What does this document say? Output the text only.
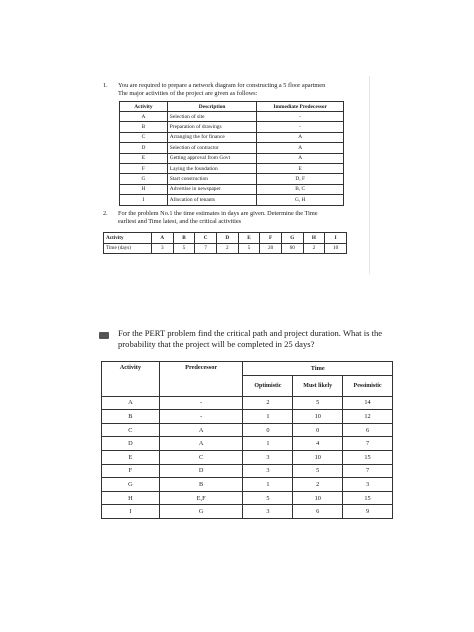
1. You are required to prepare a network diagram for constructing a 5 floor apartmen
The major activities of the project are given as follows:
Activity	Description	Immediate Predecessor
A	Selection of site	-
B	Preparation of drawings	-
C	Arranging the for finance	A
D	Selection of contractor	A
E	Getting approval from Govt	A
F	Laying the foundation	E
G	Start construction	D, F
H	Advertise in newspaper	B, C
I	Allocation of tenants	G, H
2. For the problem No.1 the time estimates in days are given. Determine the Time
earliest and Time latest, and the critical activities
Activity	A	B	C	D	E	F	G	H	I
Time (days)	3	5	7	2	5	20	60	2	10
For the PERT problem find the critical path and project duration. What is the
probability that the project will be completed in 25 days?
Activity	Predecessor	Time		
		Optimistic	Must likely	Pessimistic
A	-	2	5	14
B	-	1	10	12
C	A	0	0	6
D	A	1	4	7
E	C	3	10	15
F	D	3	5	7
G	B	1	2	3
H	E,F	5	10	15
I	G	3	6	9
